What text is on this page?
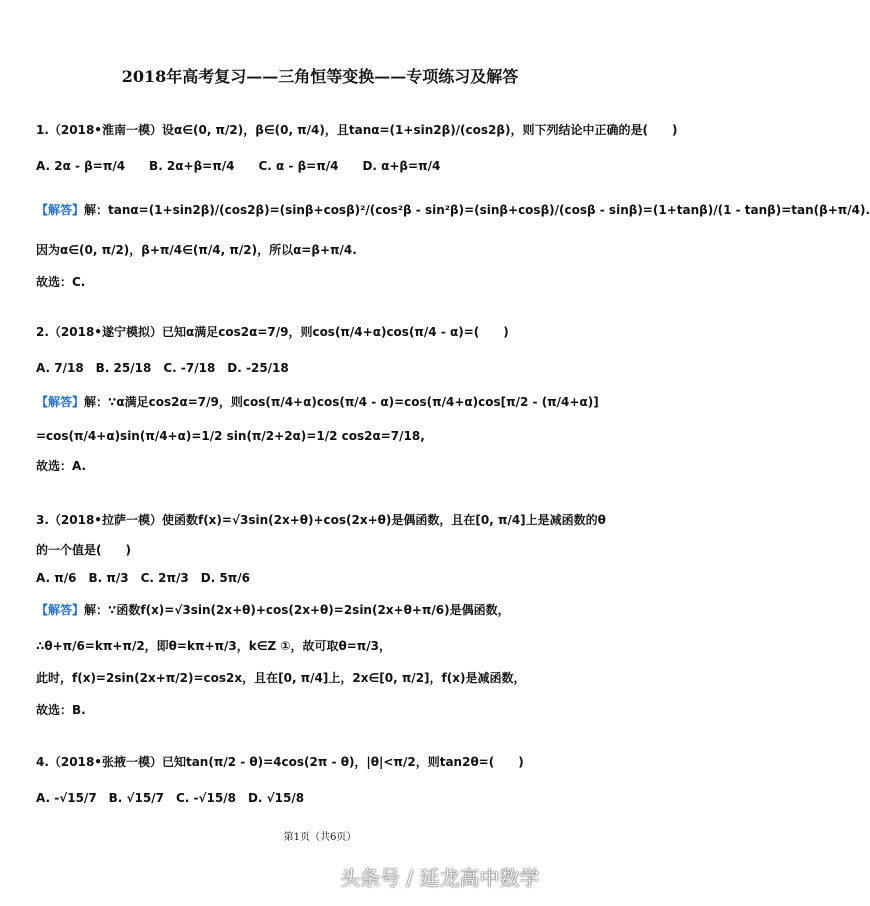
2018年高考复习——三角恒等变换——专项练习及解答
1.（2018•淮南一模）设α∈(0, π/2)，β∈(0, π/4)，且tanα=(1+sin2β)/(cos2β)，则下列结论中正确的是(　　)
A. 2α - β=π/4　　B. 2α+β=π/4　　C. α - β=π/4　　D. α+β=π/4
【解答】解：tanα=(1+sin2β)/(cos2β)=(sinβ+cosβ)²/(cos²β - sin²β)=(sinβ+cosβ)/(cosβ - sinβ)=(1+tanβ)/(1 - tanβ)=tan(β+π/4).
因为α∈(0, π/2)，β+π/4∈(π/4, π/2)，所以α=β+π/4.
故选：C.
2.（2018•遂宁模拟）已知α满足cos2α=7/9，则cos(π/4+α)cos(π/4 - α)=(　　)
A. 7/18　B. 25/18　C. -7/18　D. -25/18
【解答】解：∵α满足cos2α=7/9，则cos(π/4+α)cos(π/4 - α)=cos(π/4+α)cos[π/2 - (π/4+α)]
=cos(π/4+α)sin(π/4+α)=1/2 sin(π/2+2α)=1/2 cos2α=7/18,
故选：A.
3.（2018•拉萨一模）使函数f(x)=√3sin(2x+θ)+cos(2x+θ)是偶函数，且在[0, π/4]上是减函数的θ
的一个值是(　　)
A. π/6　B. π/3　C. 2π/3　D. 5π/6
【解答】解：∵函数f(x)=√3sin(2x+θ)+cos(2x+θ)=2sin(2x+θ+π/6)是偶函数，
∴θ+π/6=kπ+π/2，即θ=kπ+π/3，k∈Z ①，故可取θ=π/3，
此时，f(x)=2sin(2x+π/2)=cos2x，且在[0, π/4]上，2x∈[0, π/2]，f(x)是减函数，
故选：B.
4.（2018•张掖一模）已知tan(π/2 - θ)=4cos(2π - θ)，|θ|<π/2，则tan2θ=(　　)
A. -√15/7　B. √15/7　C. -√15/8　D. √15/8
第1页（共6页）
头条号 / 延龙高中数学
